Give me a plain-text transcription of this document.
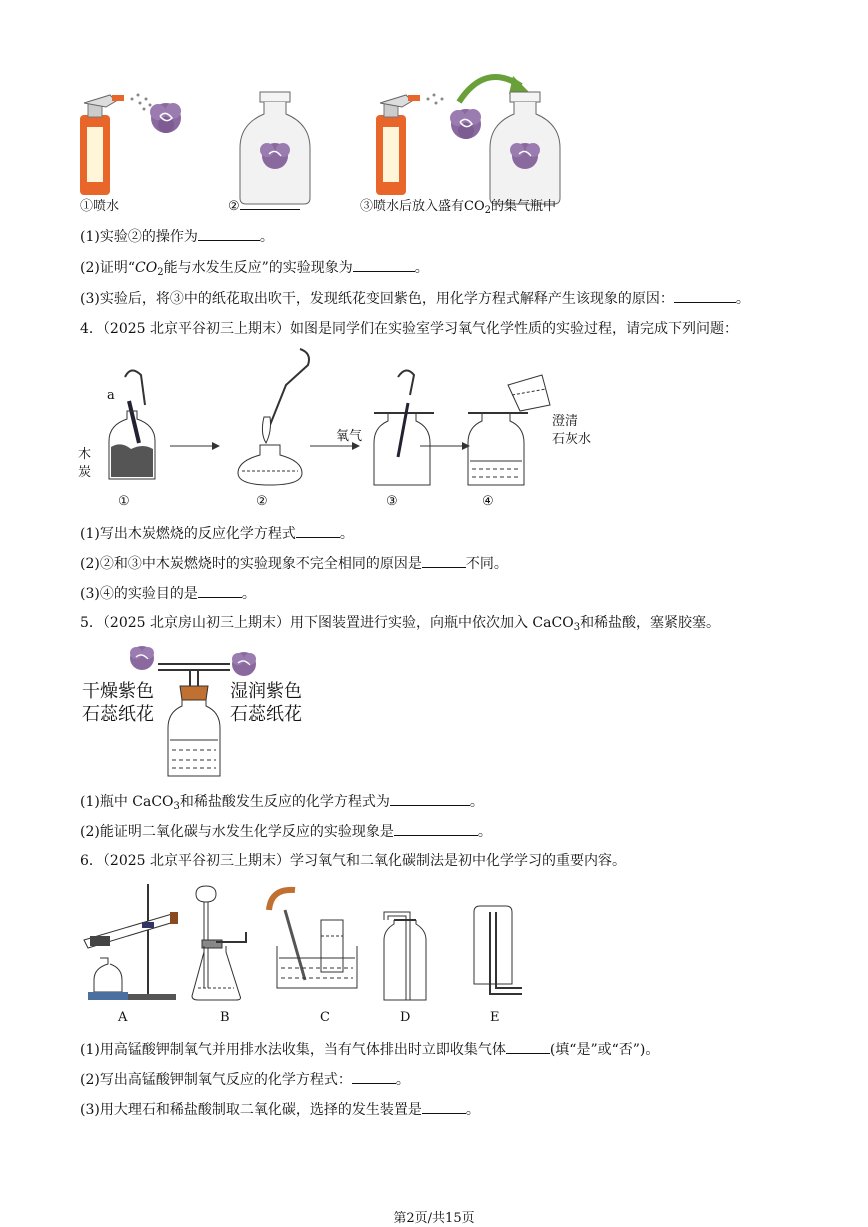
①喷水	②	③喷水后放入盛有$CO_2$的集气瓶中
(1)实验②的操作为	。
(2)证明“$CO_2$能与水发生反应”的实验现象为	。
(3)实验后，将③中的纸花取出吹干，发现纸花变回紫色，用化学方程式解释产生该现象的原因：	。
4．（2025 北京平谷初三上期末）如图是同学们在实验室学习氧气化学性质的实验过程，请完成下列问题：
a
木
炭
氧气
澄清
石灰水
①	②	③	④
(1)写出木炭燃烧的反应化学方程式	。
(2)②和③中木炭燃烧时的实验现象不完全相同的原因是	不同。
(3)④的实验目的是	。
5．（2025 北京房山初三上期末）用下图装置进行实验，向瓶中依次加入 CaCO$_3$和稀盐酸，塞紧胶塞。
干燥紫色
石蕊纸花
湿润紫色
石蕊纸花
(1)瓶中 CaCO$_3$和稀盐酸发生反应的化学方程式为	。
(2)能证明二氧化碳与水发生化学反应的实验现象是	。
6．（2025 北京平谷初三上期末）学习氧气和二氧化碳制法是初中化学学习的重要内容。
A	B	C	D	E
(1)用高锰酸钾制氧气并用排水法收集，当有气体排出时立即收集气体	(填“是”或“否”)。
(2)写出高锰酸钾制氧气反应的化学方程式：	。
(3)用大理石和稀盐酸制取二氧化碳，选择的发生装置是	。
第2页/共15页
